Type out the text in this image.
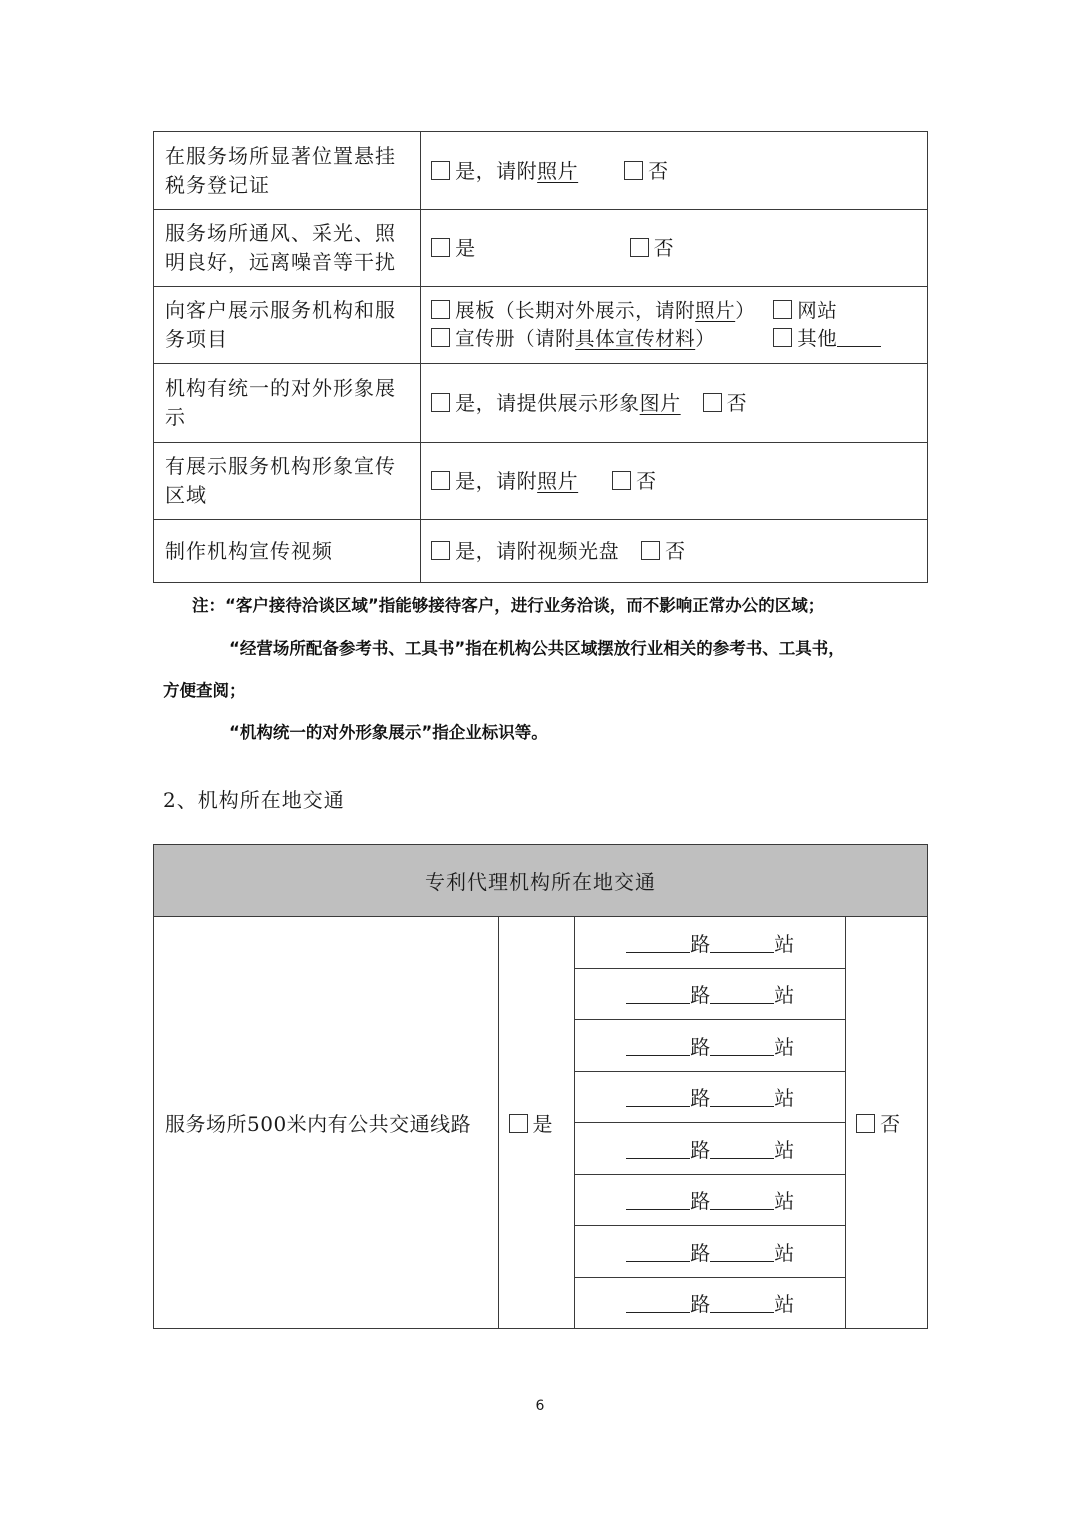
在服务场所显著位置悬挂税务登记证	是，请附照片 否
服务场所通风、采光、照明良好，远离噪音等干扰	是 否
向客户展示服务机构和服务项目	展板（长期对外展示，请附照片） 网站
宣传册（请附具体宣传材料） 其他

机构有统一的对外形象展示	是，请提供展示形象图片 否
有展示服务机构形象宣传区域	是，请附照片 否
制作机构宣传视频	是，请附视频光盘 否
注：“客户接待洽谈区域”指能够接待客户，进行业务洽谈，而不影响正常办公的区域；
“经营场所配备参考书、工具书”指在机构公共区域摆放行业相关的参考书、工具书，
方便查阅；
“机构统一的对外形象展示”指企业标识等。
2、机构所在地交通
专利代理机构所在地交通
服务场所500米内有公共交通线路	是	路	站	否
路	站
路	站
路	站
路	站
路	站
路	站
路	站
6
